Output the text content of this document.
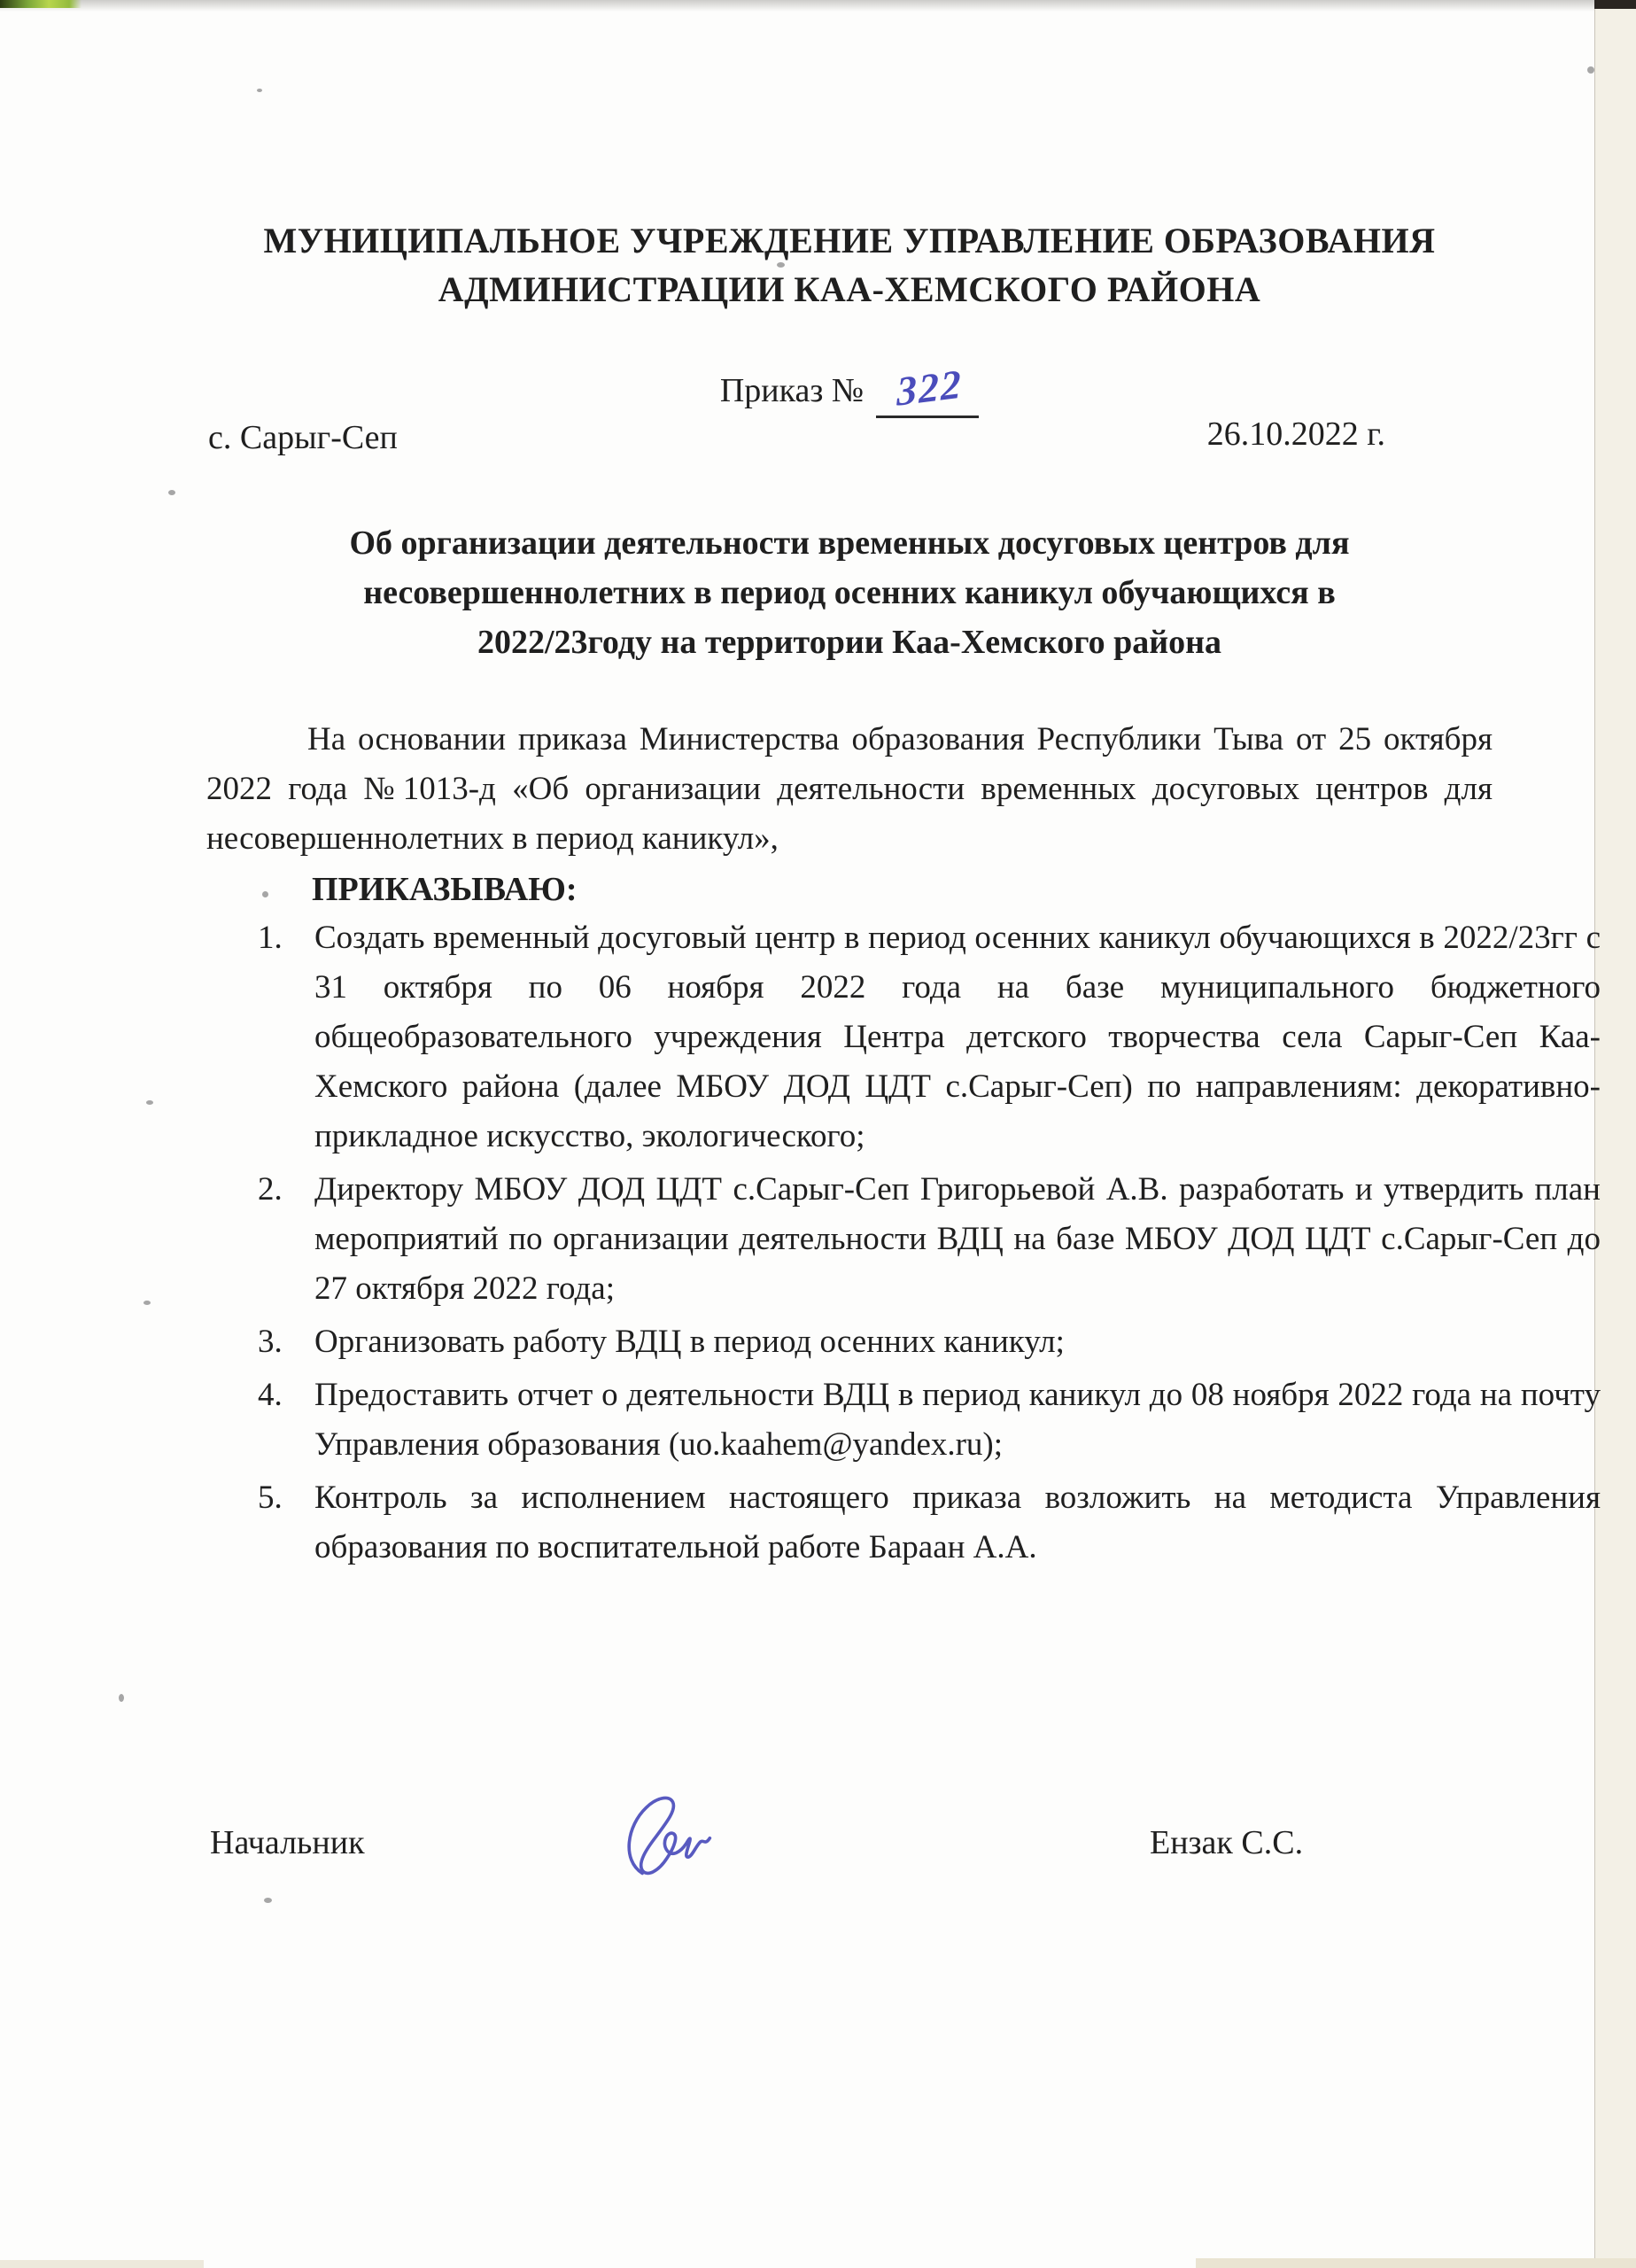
МУНИЦИПАЛЬНОЕ УЧРЕЖДЕНИЕ УПРАВЛЕНИЕ ОБРАЗОВАНИЯ
АДМИНИСТРАЦИИ КАА-ХЕМСКОГО РАЙОНА
Приказ № 322
с. Сарыг-Сеп	26.10.2022 г.
Об организации деятельности временных досуговых центров для
несовершеннолетних в период осенних каникул обучающихся в
2022/23году на территории Каа-Хемского района

На основании приказа Министерства образования Республики Тыва от 25 октября 2022 года №1013-д «Об организации деятельности временных досуговых центров для несовершеннолетних в период каникул»,

ПРИКАЗЫВАЮ:
Создать временный досуговый центр в период осенних каникул обучающихся в 2022/23гг с 31 октября по 06 ноября 2022 года на базе муниципального бюджетного общеобразовательного учреждения Центра детского творчества села Сарыг-Сеп Каа-Хемского района (далее МБОУ ДОД ЦДТ с.Сарыг-Сеп) по направлениям: декоративно-прикладное искусство, экологического;
Директору МБОУ ДОД ЦДТ с.Сарыг-Сеп Григорьевой А.В. разработать и утвердить план мероприятий по организации деятельности ВДЦ на базе МБОУ ДОД ЦДТ с.Сарыг-Сеп до 27 октября 2022 года;
Организовать работу ВДЦ в период осенних каникул;
Предоставить отчет о деятельности ВДЦ в период каникул до 08 ноября 2022 года на почту Управления образования (uo.kaahem@yandex.ru);
Контроль за исполнением настоящего приказа возложить на методиста Управления образования по воспитательной работе Бараан А.А.
Начальник	Ензак С.С.
